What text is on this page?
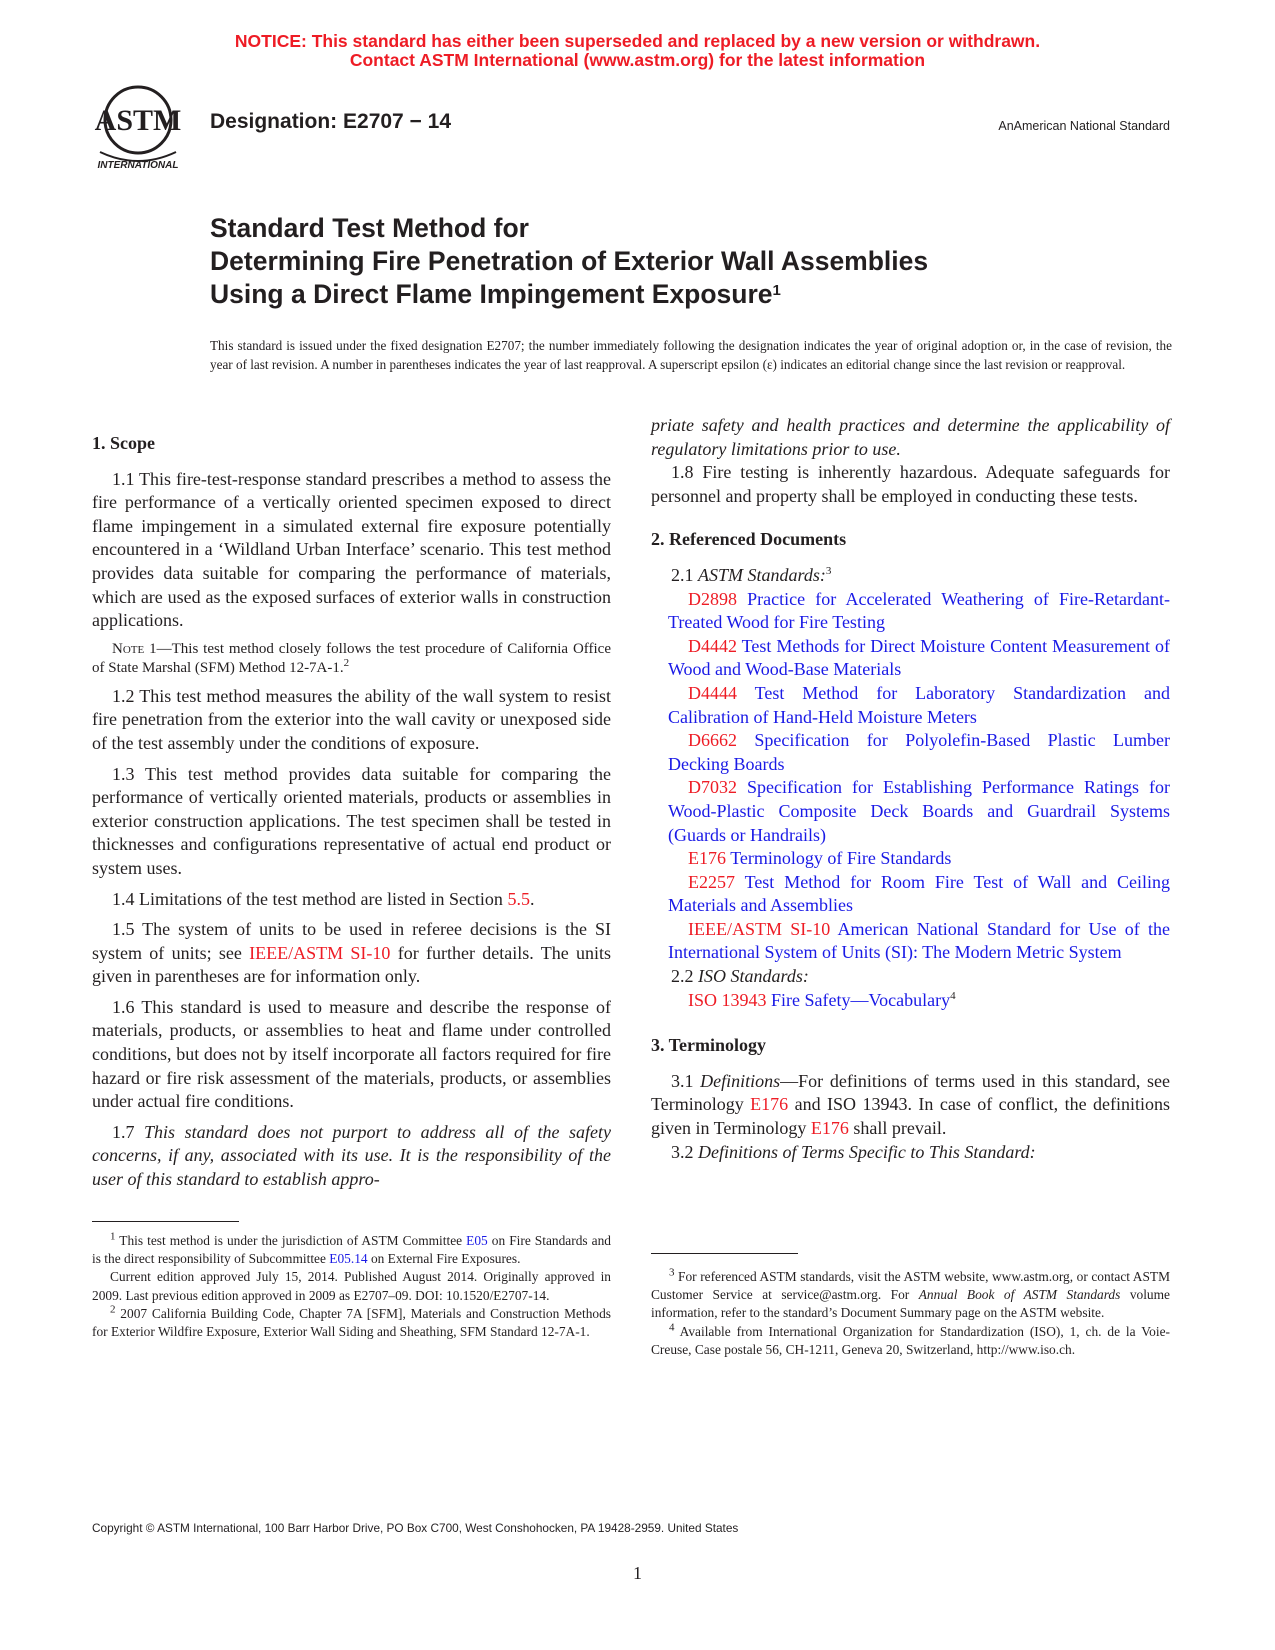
NOTICE: This standard has either been superseded and replaced by a new version or withdrawn.
Contact ASTM International (www.astm.org) for the latest information
ASTM
INTERNATIONAL
Designation: E2707 − 14	AnAmerican National Standard
Standard Test Method for
Determining Fire Penetration of Exterior Wall Assemblies
Using a Direct Flame Impingement Exposure$^1$
This standard is issued under the fixed designation E2707; the number immediately following the designation indicates the year of original adoption or, in the case of revision, the year of last revision. A number in parentheses indicates the year of last reapproval. A superscript epsilon (ε) indicates an editorial change since the last revision or reapproval.
1. Scope

1.1 This fire-test-response standard prescribes a method to assess the fire performance of a vertically oriented specimen exposed to direct flame impingement in a simulated external fire exposure potentially encountered in a ‘Wildland Urban Interface’ scenario. This test method provides data suitable for comparing the performance of materials, which are used as the exposed surfaces of exterior walls in construction applications.

Note 1—This test method closely follows the test procedure of California Office of State Marshal (SFM) Method 12-7A-1.$^2$

1.2 This test method measures the ability of the wall system to resist fire penetration from the exterior into the wall cavity or unexposed side of the test assembly under the conditions of exposure.

1.3 This test method provides data suitable for comparing the performance of vertically oriented materials, products or assemblies in exterior construction applications. The test specimen shall be tested in thicknesses and configurations representative of actual end product or system uses.

1.4 Limitations of the test method are listed in Section 5.5.

1.5 The system of units to be used in referee decisions is the SI system of units; see IEEE/ASTM SI-10 for further details. The units given in parentheses are for information only.

1.6 This standard is used to measure and describe the response of materials, products, or assemblies to heat and flame under controlled conditions, but does not by itself incorporate all factors required for fire hazard or fire risk assessment of the materials, products, or assemblies under actual fire conditions.

1.7 This standard does not purport to address all of the safety concerns, if any, associated with its use. It is the responsibility of the user of this standard to establish appro-

priate safety and health practices and determine the applicability of regulatory limitations prior to use.

1.8 Fire testing is inherently hazardous. Adequate safeguards for personnel and property shall be employed in conducting these tests.

2. Referenced Documents

2.1 ASTM Standards:$^3$

D2898 Practice for Accelerated Weathering of Fire-Retardant-Treated Wood for Fire Testing

D4442 Test Methods for Direct Moisture Content Measurement of Wood and Wood-Base Materials

D4444 Test Method for Laboratory Standardization and Calibration of Hand-Held Moisture Meters

D6662 Specification for Polyolefin-Based Plastic Lumber Decking Boards

D7032 Specification for Establishing Performance Ratings for Wood-Plastic Composite Deck Boards and Guardrail Systems (Guards or Handrails)

E176 Terminology of Fire Standards

E2257 Test Method for Room Fire Test of Wall and Ceiling Materials and Assemblies

IEEE/ASTM SI-10 American National Standard for Use of the International System of Units (SI): The Modern Metric System

2.2 ISO Standards:

ISO 13943 Fire Safety—Vocabulary$^4$

3. Terminology

3.1 Definitions—For definitions of terms used in this standard, see Terminology E176 and ISO 13943. In case of conflict, the definitions given in Terminology E176 shall prevail.

3.2 Definitions of Terms Specific to This Standard:

$^1$ This test method is under the jurisdiction of ASTM Committee E05 on Fire Standards and is the direct responsibility of Subcommittee E05.14 on External Fire Exposures.

Current edition approved July 15, 2014. Published August 2014. Originally approved in 2009. Last previous edition approved in 2009 as E2707–09. DOI: 10.1520/E2707-14.

$^2$ 2007 California Building Code, Chapter 7A [SFM], Materials and Construction Methods for Exterior Wildfire Exposure, Exterior Wall Siding and Sheathing, SFM Standard 12-7A-1.

$^3$ For referenced ASTM standards, visit the ASTM website, www.astm.org, or contact ASTM Customer Service at service@astm.org. For Annual Book of ASTM Standards volume information, refer to the standard’s Document Summary page on the ASTM website.

$^4$ Available from International Organization for Standardization (ISO), 1, ch. de la Voie-Creuse, Case postale 56, CH-1211, Geneva 20, Switzerland, http://www.iso.ch.

Copyright © ASTM International, 100 Barr Harbor Drive, PO Box C700, West Conshohocken, PA 19428-2959. United States
1
